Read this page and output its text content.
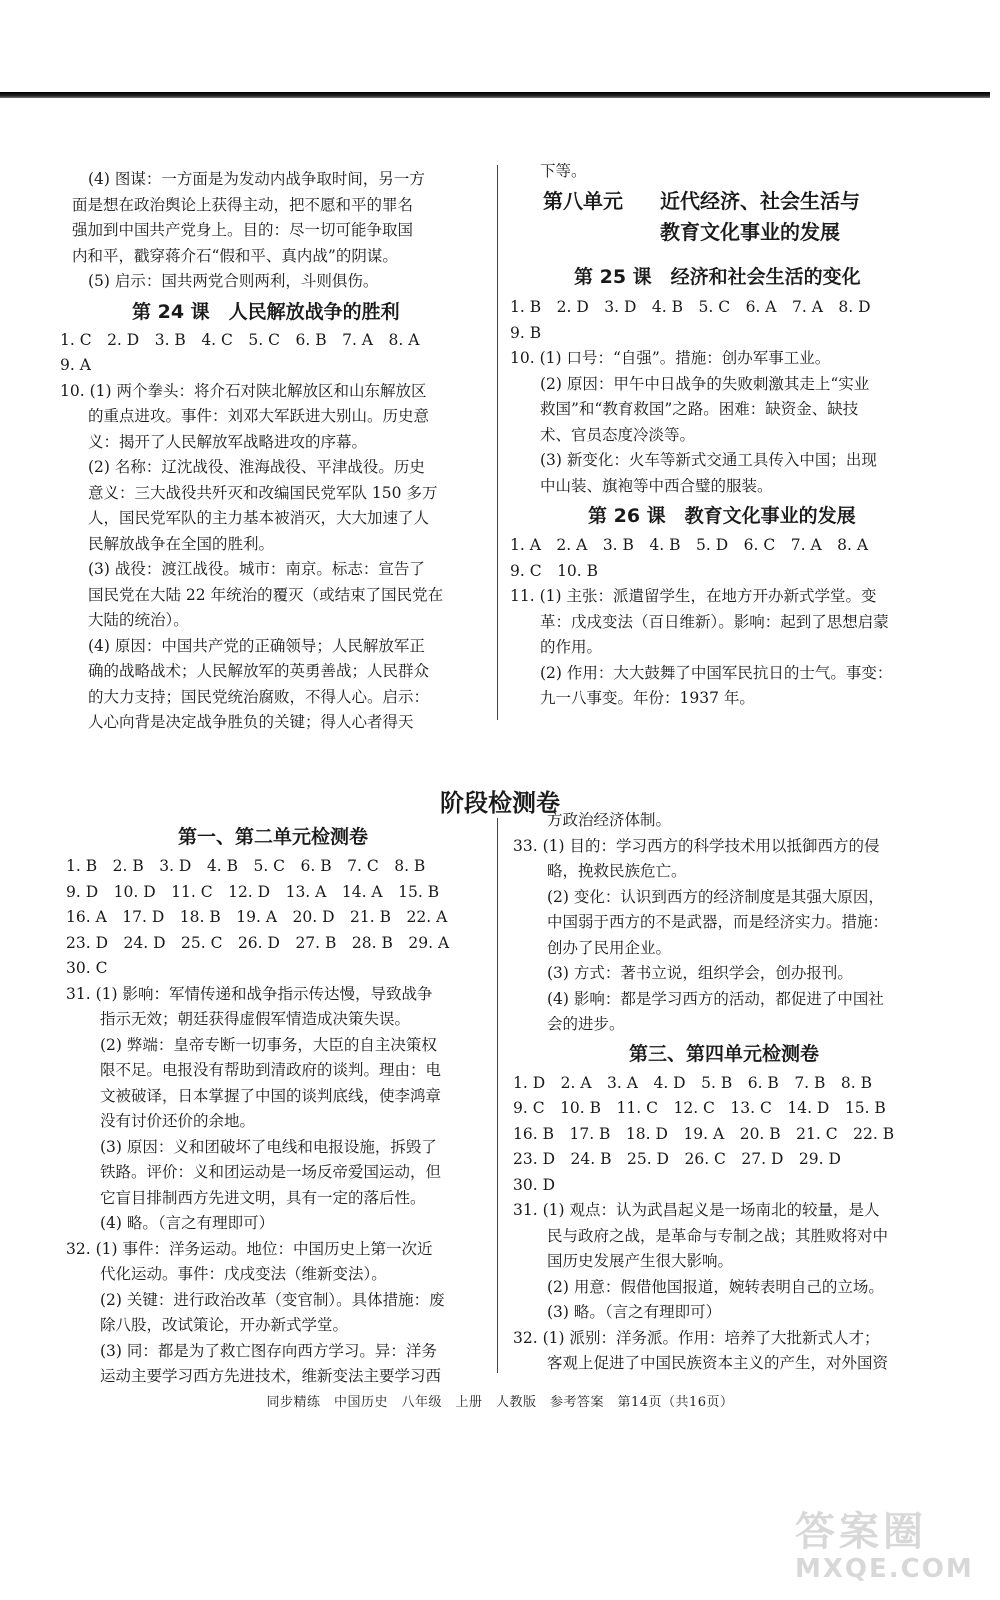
(4) 图谋：一方面是为发动内战争取时间，另一方
面是想在政治舆论上获得主动，把不愿和平的罪名
强加到中国共产党身上。目的：尽一切可能争取国
内和平，戳穿蒋介石“假和平、真内战”的阴谋。
(5) 启示：国共两党合则两利，斗则俱伤。
第 24 课　人民解放战争的胜利
1. C　2. D　3. B　4. C　5. C　6. B　7. A　8. A
9. A
10. (1) 两个拳头：将介石对陕北解放区和山东解放区
的重点进攻。事件：刘邓大军跃进大别山。历史意
义：揭开了人民解放军战略进攻的序幕。
(2) 名称：辽沈战役、淮海战役、平津战役。历史
意义：三大战役共歼灭和改编国民党军队 150 多万
人，国民党军队的主力基本被消灭，大大加速了人
民解放战争在全国的胜利。
(3) 战役：渡江战役。城市：南京。标志：宣告了
国民党在大陆 22 年统治的覆灭（或结束了国民党在
大陆的统治）。
(4) 原因：中国共产党的正确领导；人民解放军正
确的战略战术；人民解放军的英勇善战；人民群众
的大力支持；国民党统治腐败，不得人心。启示：
人心向背是决定战争胜负的关键；得人心者得天
下等。
第八单元 近代经济、社会生活与
教育文化事业的发展
第 25 课　经济和社会生活的变化
1. B　2. D　3. D　4. B　5. C　6. A　7. A　8. D
9. B
10. (1) 口号：“自强”。措施：创办军事工业。
(2) 原因：甲午中日战争的失败刺激其走上“实业
救国”和“教育救国”之路。困难：缺资金、缺技
术、官员态度冷淡等。
(3) 新变化：火车等新式交通工具传入中国；出现
中山装、旗袍等中西合璧的服装。
第 26 课　教育文化事业的发展
1. A　2. A　3. B　4. B　5. D　6. C　7. A　8. A
9. C　10. B
11. (1) 主张：派遣留学生，在地方开办新式学堂。变
革：戊戌变法（百日维新）。影响：起到了思想启蒙
的作用。
(2) 作用：大大鼓舞了中国军民抗日的士气。事变：
九一八事变。年份：1937 年。
阶段检测卷
第一、第二单元检测卷
1. B　2. B　3. D　4. B　5. C　6. B　7. C　8. B
9. D　10. D　11. C　12. D　13. A　14. A　15. B
16. A　17. D　18. B　19. A　20. D　21. B　22. A
23. D　24. D　25. C　26. D　27. B　28. B　29. A
30. C
31. (1) 影响：军情传递和战争指示传达慢，导致战争
指示无效；朝廷获得虚假军情造成决策失误。
(2) 弊端：皇帝专断一切事务，大臣的自主决策权
限不足。电报没有帮助到清政府的谈判。理由：电
文被破译，日本掌握了中国的谈判底线，使李鸿章
没有讨价还价的余地。
(3) 原因：义和团破坏了电线和电报设施，拆毁了
铁路。评价：义和团运动是一场反帝爱国运动，但
它盲目排制西方先进文明，具有一定的落后性。
(4) 略。（言之有理即可）
32. (1) 事件：洋务运动。地位：中国历史上第一次近
代化运动。事件：戊戌变法（维新变法）。
(2) 关键：进行政治改革（变官制）。具体措施：废
除八股，改试策论，开办新式学堂。
(3) 同：都是为了救亡图存向西方学习。异：洋务
运动主要学习西方先进技术，维新变法主要学习西
方政治经济体制。
33. (1) 目的：学习西方的科学技术用以抵御西方的侵
略，挽救民族危亡。
(2) 变化：认识到西方的经济制度是其强大原因，
中国弱于西方的不是武器，而是经济实力。措施：
创办了民用企业。
(3) 方式：著书立说，组织学会，创办报刊。
(4) 影响：都是学习西方的活动，都促进了中国社
会的进步。
第三、第四单元检测卷
1. D　2. A　3. A　4. D　5. B　6. B　7. B　8. B
9. C　10. B　11. C　12. C　13. C　14. D　15. B
16. B　17. B　18. D　19. A　20. B　21. C　22. B
23. D　24. B　25. D　26. C　27. D　29. D
30. D
31. (1) 观点：认为武昌起义是一场南北的较量，是人
民与政府之战，是革命与专制之战；其胜败将对中
国历史发展产生很大影响。
(2) 用意：假借他国报道，婉转表明自己的立场。
(3) 略。（言之有理即可）
32. (1) 派别：洋务派。作用：培养了大批新式人才；
客观上促进了中国民族资本主义的产生，对外国资
同步精练　中国历史　八年级　上册　人教版　参考答案　第14页（共16页）
答案圈
MXQE.COM
